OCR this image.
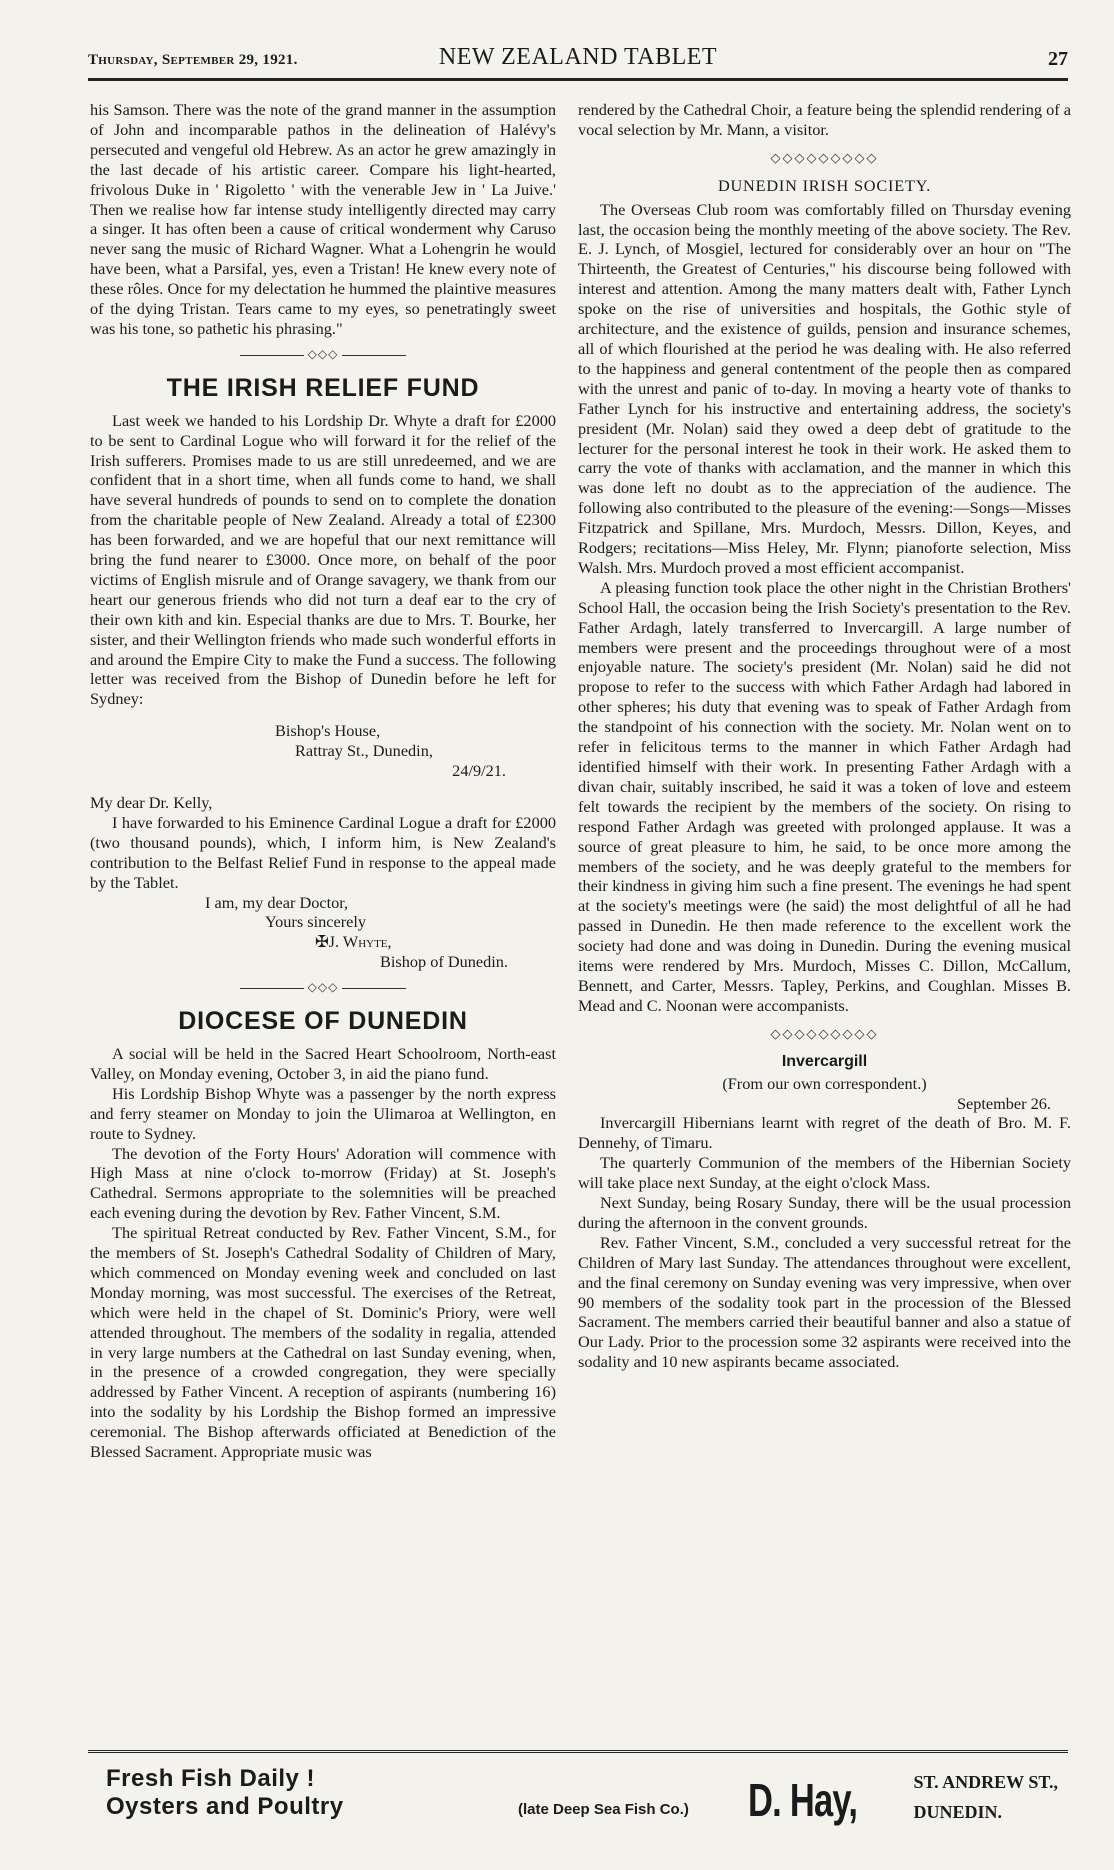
Thursday, September 29, 1921.	NEW ZEALAND TABLET	27

his Samson. There was the note of the grand manner in the assumption of John and incomparable pathos in the delineation of Halévy's persecuted and vengeful old Hebrew. As an actor he grew amazingly in the last decade of his artistic career. Compare his light-hearted, frivolous Duke in ' Rigoletto ' with the venerable Jew in ' La Juive.' Then we realise how far intense study intelligently directed may carry a singer. It has often been a cause of critical wonderment why Caruso never sang the music of Richard Wagner. What a Lohengrin he would have been, what a Parsifal, yes, even a Tristan! He knew every note of these rôles. Once for my delectation he hummed the plaintive measures of the dying Tristan. Tears came to my eyes, so penetratingly sweet was his tone, so pathetic his phrasing."

◇◇◇
THE IRISH RELIEF FUND

Last week we handed to his Lordship Dr. Whyte a draft for £2000 to be sent to Cardinal Logue who will forward it for the relief of the Irish sufferers. Promises made to us are still unredeemed, and we are confident that in a short time, when all funds come to hand, we shall have several hundreds of pounds to send on to complete the donation from the charitable people of New Zealand. Already a total of £2300 has been forwarded, and we are hopeful that our next remittance will bring the fund nearer to £3000. Once more, on behalf of the poor victims of English misrule and of Orange savagery, we thank from our heart our generous friends who did not turn a deaf ear to the cry of their own kith and kin. Especial thanks are due to Mrs. T. Bourke, her sister, and their Wellington friends who made such wonderful efforts in and around the Empire City to make the Fund a success. The following letter was received from the Bishop of Dunedin before he left for Sydney:

Bishop's House,

Rattray St., Dunedin,

24/9/21.

My dear Dr. Kelly,

I have forwarded to his Eminence Cardinal Logue a draft for £2000 (two thousand pounds), which, I inform him, is New Zealand's contribution to the Belfast Relief Fund in response to the appeal made by the Tablet.

I am, my dear Doctor,

Yours sincerely

✠J. Whyte,

Bishop of Dunedin.

◇◇◇
DIOCESE OF DUNEDIN

A social will be held in the Sacred Heart Schoolroom, North-east Valley, on Monday evening, October 3, in aid the piano fund.

His Lordship Bishop Whyte was a passenger by the north express and ferry steamer on Monday to join the Ulimaroa at Wellington, en route to Sydney.

The devotion of the Forty Hours' Adoration will commence with High Mass at nine o'clock to-morrow (Friday) at St. Joseph's Cathedral. Sermons appropriate to the solemnities will be preached each evening during the devotion by Rev. Father Vincent, S.M.

The spiritual Retreat conducted by Rev. Father Vincent, S.M., for the members of St. Joseph's Cathedral Sodality of Children of Mary, which commenced on Monday evening week and concluded on last Monday morning, was most successful. The exercises of the Retreat, which were held in the chapel of St. Dominic's Priory, were well attended throughout. The members of the sodality in regalia, attended in very large numbers at the Cathedral on last Sunday evening, when, in the presence of a crowded congregation, they were specially addressed by Father Vincent. A reception of aspirants (numbering 16) into the sodality by his Lordship the Bishop formed an impressive ceremonial. The Bishop afterwards officiated at Benediction of the Blessed Sacrament. Appropriate music was

rendered by the Cathedral Choir, a feature being the splendid rendering of a vocal selection by Mr. Mann, a visitor.

◇◇◇◇◇◇◇◇◇
DUNEDIN IRISH SOCIETY.

The Overseas Club room was comfortably filled on Thursday evening last, the occasion being the monthly meeting of the above society. The Rev. E. J. Lynch, of Mosgiel, lectured for considerably over an hour on "The Thirteenth, the Greatest of Centuries," his discourse being followed with interest and attention. Among the many matters dealt with, Father Lynch spoke on the rise of universities and hospitals, the Gothic style of architecture, and the existence of guilds, pension and insurance schemes, all of which flourished at the period he was dealing with. He also referred to the happiness and general contentment of the people then as compared with the unrest and panic of to-day. In moving a hearty vote of thanks to Father Lynch for his instructive and entertaining address, the society's president (Mr. Nolan) said they owed a deep debt of gratitude to the lecturer for the personal interest he took in their work. He asked them to carry the vote of thanks with acclamation, and the manner in which this was done left no doubt as to the appreciation of the audience. The following also contributed to the pleasure of the evening:—Songs—Misses Fitzpatrick and Spillane, Mrs. Murdoch, Messrs. Dillon, Keyes, and Rodgers; recitations—Miss Heley, Mr. Flynn; pianoforte selection, Miss Walsh. Mrs. Murdoch proved a most efficient accompanist.

A pleasing function took place the other night in the Christian Brothers' School Hall, the occasion being the Irish Society's presentation to the Rev. Father Ardagh, lately transferred to Invercargill. A large number of members were present and the proceedings throughout were of a most enjoyable nature. The society's president (Mr. Nolan) said he did not propose to refer to the success with which Father Ardagh had labored in other spheres; his duty that evening was to speak of Father Ardagh from the standpoint of his connection with the society. Mr. Nolan went on to refer in felicitous terms to the manner in which Father Ardagh had identified himself with their work. In presenting Father Ardagh with a divan chair, suitably inscribed, he said it was a token of love and esteem felt towards the recipient by the members of the society. On rising to respond Father Ardagh was greeted with prolonged applause. It was a source of great pleasure to him, he said, to be once more among the members of the society, and he was deeply grateful to the members for their kindness in giving him such a fine present. The evenings he had spent at the society's meetings were (he said) the most delightful of all he had passed in Dunedin. He then made reference to the excellent work the society had done and was doing in Dunedin. During the evening musical items were rendered by Mrs. Murdoch, Misses C. Dillon, McCallum, Bennett, and Carter, Messrs. Tapley, Perkins, and Coughlan. Misses B. Mead and C. Noonan were accompanists.

◇◇◇◇◇◇◇◇◇
Invercargill

(From our own correspondent.)

September 26.

Invercargill Hibernians learnt with regret of the death of Bro. M. F. Dennehy, of Timaru.

The quarterly Communion of the members of the Hibernian Society will take place next Sunday, at the eight o'clock Mass.

Next Sunday, being Rosary Sunday, there will be the usual procession during the afternoon in the convent grounds.

Rev. Father Vincent, S.M., concluded a very successful retreat for the Children of Mary last Sunday. The attendances throughout were excellent, and the final ceremony on Sunday evening was very impressive, when over 90 members of the sodality took part in the procession of the Blessed Sacrament. The members carried their beautiful banner and also a statue of Our Lady. Prior to the procession some 32 aspirants were received into the sodality and 10 new aspirants became associated.

Fresh Fish Daily !
Oysters and Poultry	(late Deep Sea Fish Co.) D. Hay,	ST. ANDREW ST.,
DUNEDIN.
